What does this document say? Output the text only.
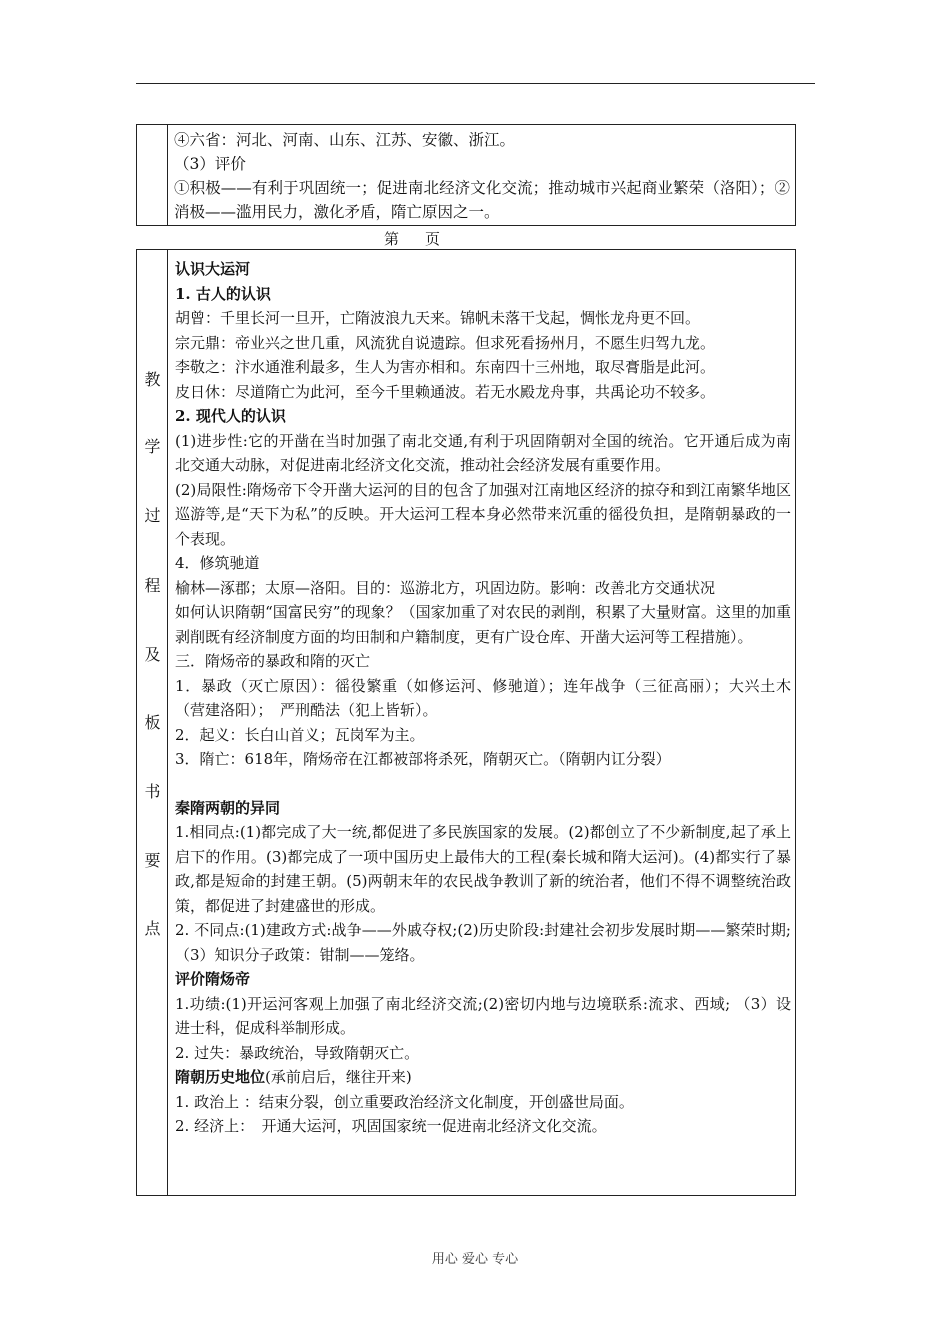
④六省：河北、河南、山东、江苏、安徽、浙江。

（3）评价

①积极——有利于巩固统一；促进南北经济文化交流；推动城市兴起商业繁荣（洛阳）；②消极——滥用民力，激化矛盾，隋亡原因之一。

第页
教
学
过
程
及
板
书
要
点

认识大运河

1. 古人的认识

胡曾：千里长河一旦开，亡隋波浪九天来。锦帆未落干戈起，惆怅龙舟更不回。

宗元鼎：帝业兴之世几重，风流犹自说遗踪。但求死看扬州月，不愿生归驾九龙。

李敬之：汴水通淮利最多，生人为害亦相和。东南四十三州地，取尽膏脂是此河。

皮日休：尽道隋亡为此河，至今千里赖通波。若无水殿龙舟事，共禹论功不较多。

2. 现代人的认识

(1)进步性:它的开凿在当时加强了南北交通,有利于巩固隋朝对全国的统治。它开通后成为南北交通大动脉，对促进南北经济文化交流，推动社会经济发展有重要作用。

(2)局限性:隋炀帝下令开凿大运河的目的包含了加强对江南地区经济的掠夺和到江南繁华地区巡游等,是“天下为私”的反映。开大运河工程本身必然带来沉重的徭役负担，是隋朝暴政的一个表现。

4．修筑驰道

榆林—涿郡；太原—洛阳。目的：巡游北方，巩固边防。影响：改善北方交通状况

如何认识隋朝“国富民穷”的现象？（国家加重了对农民的剥削，积累了大量财富。这里的加重剥削既有经济制度方面的均田制和户籍制度，更有广设仓库、开凿大运河等工程措施）。

三．隋炀帝的暴政和隋的灭亡

1．暴政（灭亡原因）：徭役繁重（如修运河、修驰道）；连年战争（三征高丽）；大兴土木（营建洛阳）；　严刑酷法（犯上皆斩）。

2．起义：长白山首义；瓦岗军为主。

3．隋亡：618年，隋炀帝在江都被部将杀死，隋朝灭亡。（隋朝内讧分裂）

秦隋两朝的异同

1.相同点:(1)都完成了大一统,都促进了多民族国家的发展。(2)都创立了不少新制度,起了承上启下的作用。(3)都完成了一项中国历史上最伟大的工程(秦长城和隋大运河)。(4)都实行了暴政,都是短命的封建王朝。(5)两朝末年的农民战争教训了新的统治者，他们不得不调整统治政策，都促进了封建盛世的形成。

2. 不同点:(1)建政方式:战争——外戚夺权;(2)历史阶段:封建社会初步发展时期——繁荣时期; （3）知识分子政策：钳制——笼络。

评价隋炀帝

1.功绩:(1)开运河客观上加强了南北经济交流;(2)密切内地与边境联系:流求、西域; （3）设进士科，促成科举制形成。

2. 过失：暴政统治，导致隋朝灭亡。

隋朝历史地位(承前启后，继往开来)

1. 政治上 ：结束分裂，创立重要政治经济文化制度，开创盛世局面。

2. 经济上：　开通大运河，巩固国家统一促进南北经济文化交流。

用心 爱心 专心
